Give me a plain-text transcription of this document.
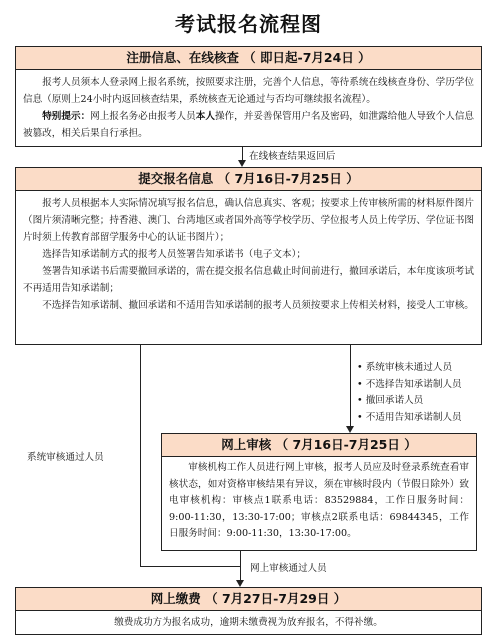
考试报名流程图
注册信息、在线核查 （ 即日起-7月24日 ）

报考人员须本人登录网上报名系统，按照要求注册，完善个人信息，等待系统在线核查身份、学历学位信息（原则上24小时内返回核查结果，系统核查无论通过与否均可继续报名流程）。

特别提示：网上报名务必由报考人员本人操作，并妥善保管用户名及密码，如泄露给他人导致个人信息被篡改，相关后果自行承担。

在线核查结果返回后
提交报名信息 （ 7月16日-7月25日 ）

报考人员根据本人实际情况填写报名信息，确认信息真实、客观；按要求上传审核所需的材料原件图片（图片须清晰完整；持香港、澳门、台湾地区或者国外高等学校学历、学位报考人员上传学历、学位证书图片时须上传教育部留学服务中心的认证书图片）；

选择告知承诺制方式的报考人员签署告知承诺书（电子文本）；

签署告知承诺书后需要撤回承诺的，需在提交报名信息截止时间前进行，撤回承诺后，本年度该项考试不再适用告知承诺制；

不选择告知承诺制、撤回承诺和不适用告知承诺制的报考人员须按要求上传相关材料，接受人工审核。

系统审核通过人员
• 系统审核未通过人员
• 不选择告知承诺制人员
• 撤回承诺人员
• 不适用告知承诺制人员
网上审核 （ 7月16日-7月25日 ）

审核机构工作人员进行网上审核，报考人员应及时登录系统查看审核状态，如对资格审核结果有异议，须在审核时段内（节假日除外）致电审核机构：审核点1联系电话：83529884，工作日服务时间：9:00-11:30，13:30-17:00；审核点2联系电话：69844345，工作日服务时间：9:00-11:30，13:30-17:00。

网上审核通过人员
网上缴费 （ 7月27日-7月29日 ）

缴费成功方为报名成功，逾期未缴费视为放弃报名，不得补缴。
